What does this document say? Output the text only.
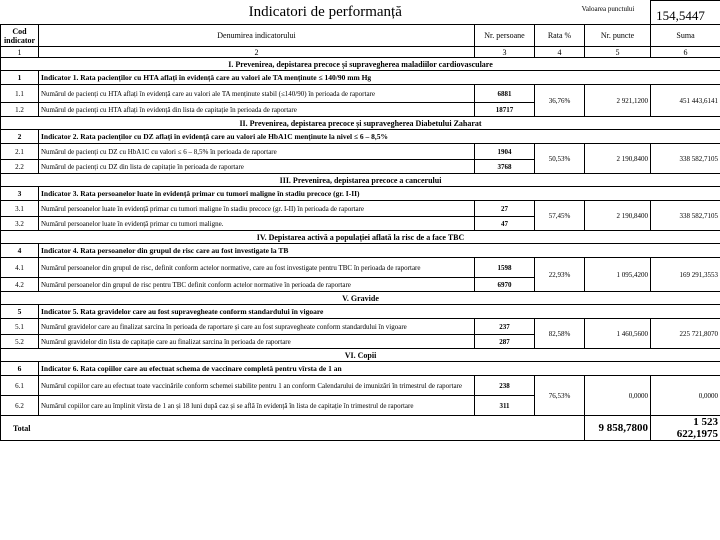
Indicatori de performanță					
Cod indicator	Denumirea indicatorului	Nr. persoane	Rata %	Nr. puncte	Suma
1	2	3	4	5	6
I. Prevenirea, depistarea precoce și supravegherea maladiilor cardiovasculare					
1	Indicator 1. Rata pacienților cu HTA aflați în evidență care au valori ale TA menținute ≤ 140/90 mm Hg				
1.1	Numărul de pacienți cu HTA aflați în evidență care au valori ale TA menținute stabil (≤140/90) în perioada de raportare	6881	36,76%	2 921,1200	451 443,6141
1.2	Numărul de pacienți cu HTA aflați în evidență din lista de capitație în perioada de raportare	18717			
II. Prevenirea, depistarea precoce și supravegherea Diabetului Zaharat					
2	Indicator 2. Rata pacienților cu DZ aflați în evidență care au valori ale HbA1C menținute la nivel ≤ 6 – 8,5%				
2.1	Numărul de pacienți cu DZ cu HbA1C cu valori ≤ 6 – 8,5% în perioada de raportare	1904	50,53%	2 190,8400	338 582,7105
2.2	Numărul de pacienți cu DZ din lista de capitație în perioada de raportare	3768			
III. Prevenirea, depistarea precoce a cancerului					
3	Indicator 3. Rata persoanelor luate în evidență primar cu tumori maligne în stadiu precoce (gr. I-II)				
3.1	Numărul persoanelor luate în evidență primar cu tumori maligne în stadiu precoce (gr. I-II) în perioada de raportare	27	57,45%	2 190,8400	338 582,7105
3.2	Numărul persoanelor luate în evidență primar cu tumori maligne.	47			
IV. Depistarea activă a populației aflată la risc de a face TBC					
4	Indicator 4. Rata persoanelor din grupul de risc care au fost investigate la TB				
4.1	Numărul persoanelor din grupul de risc, definit conform actelor normative, care au fost investigate pentru TBC în perioada de raportare	1598	22,93%	1 095,4200	169 291,3553
4.2	Numărul persoanelor din grupul de risc pentru TBC definit conform actelor normative în perioada de raportare	6970			
V. Gravide					
5	Indicator 5. Rata gravidelor care au fost supravegheate conform standardului în vigoare				
5.1	Numărul gravidelor care au finalizat sarcina în perioada de raportare și care au fost supravegheate conform standardului în vigoare	237	82,58%	1 460,5600	225 721,8070
5.2	Numărul gravidelor din lista de capitație care au finalizat sarcina în perioada de raportare	287			
VI. Copii					
6	Indicator 6. Rata copiilor care au efectuat schema de vaccinare completă pentru vîrsta de 1 an				
6.1	Numărul copiilor care au efectuat toate vaccinările conform schemei stabilite pentru 1 an conform Calendarului de imunizări în trimestrul de raportare	238	76,53%	0,0000	0,0000
6.2	Numărul copiilor care au împlinit vîrsta de 1 an și 18 luni după caz și se află în evidență în lista de capitație în trimestrul de raportare	311			
Total				9 858,7800	1 523 622,1975
Valoarea punctului	154,5447
